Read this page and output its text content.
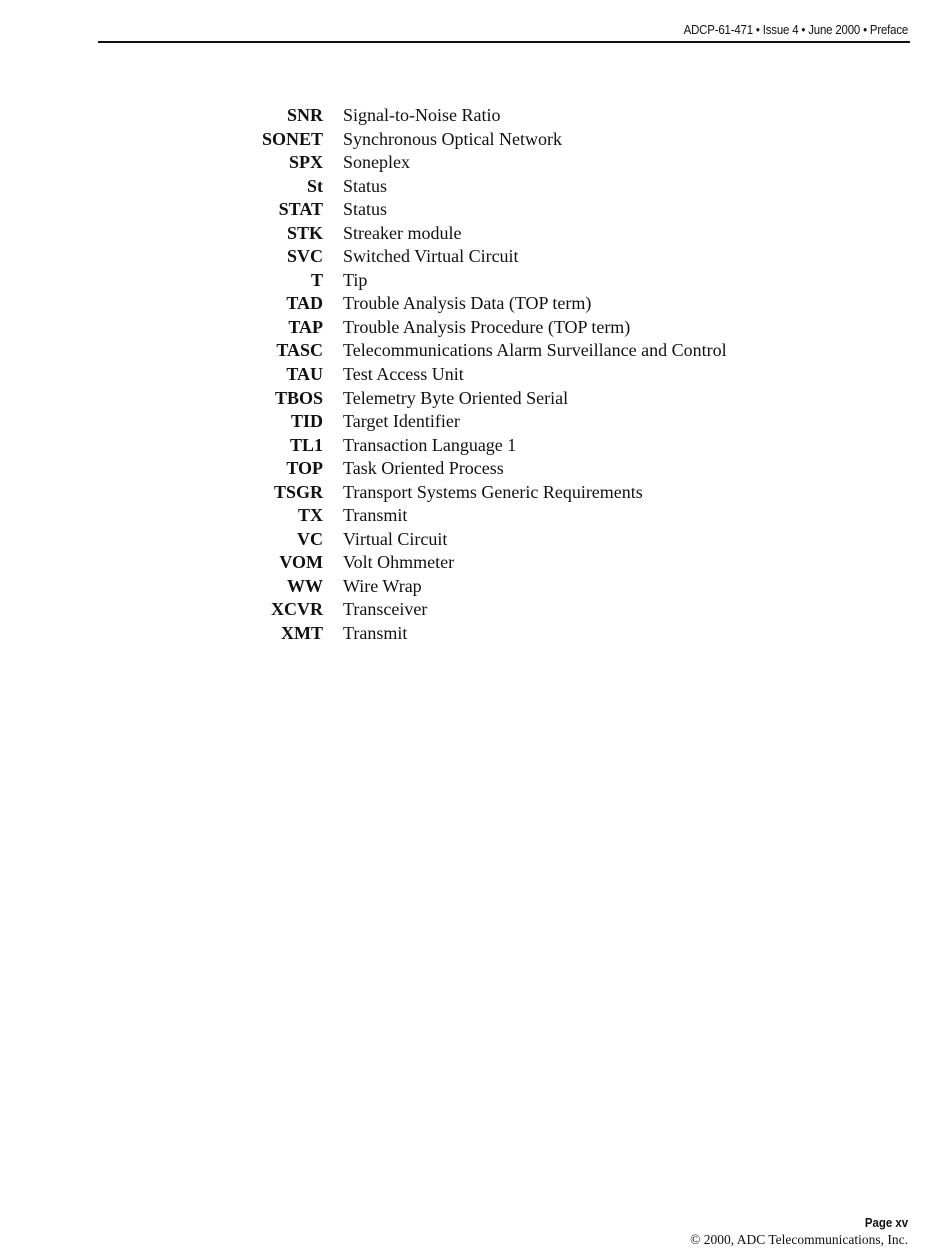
ADCP-61-471 • Issue 4 • June 2000 • Preface
SNR Signal-to-Noise Ratio
SONET Synchronous Optical Network
SPX Soneplex
St Status
STAT Status
STK Streaker module
SVC Switched Virtual Circuit
T Tip
TAD Trouble Analysis Data (TOP term)
TAP Trouble Analysis Procedure (TOP term)
TASC Telecommunications Alarm Surveillance and Control
TAU Test Access Unit
TBOS Telemetry Byte Oriented Serial
TID Target Identifier
TL1 Transaction Language 1
TOP Task Oriented Process
TSGR Transport Systems Generic Requirements
TX Transmit
VC Virtual Circuit
VOM Volt Ohmmeter
WW Wire Wrap
XCVR Transceiver
XMT Transmit
Page xv
© 2000, ADC Telecommunications, Inc.
